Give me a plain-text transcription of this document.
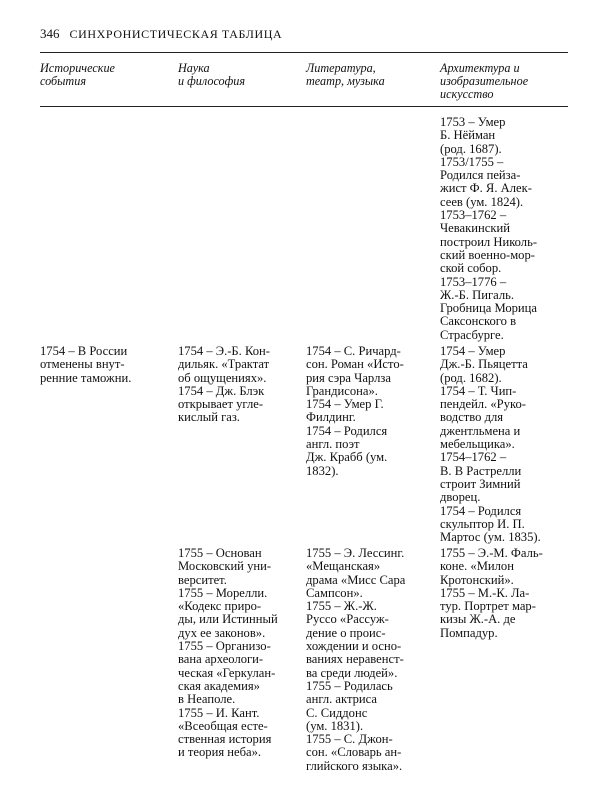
346 СИНХРОНИСТИЧЕСКАЯ ТАБЛИЦА
Исторические
события
Наука
и философия
Литература,
театр, музыка
Архитектура и
изобразительное
искусство
1753 – Умер
Б. Нёйман
(род. 1687).
1753/1755 –
Родился пейза-
жист Ф. Я. Алек-
сеев (ум. 1824).
1753–1762 –
Чевакинский
построил Николь-
ский военно-мор-
ской собор.
1753–1776 –
Ж.-Б. Пигаль.
Гробница Морица
Саксонского в
Страсбурге.
1754 – В России
отменены внут-
ренние таможни.
1754 – Э.-Б. Кон-
дильяк. «Трактат
об ощущениях».
1754 – Дж. Блэк
открывает угле-
кислый газ.
1754 – С. Ричард-
сон. Роман «Исто-
рия сэра Чарлза
Грандисона».
1754 – Умер Г.
Филдинг.
1754 – Родился
англ. поэт
Дж. Крабб (ум.
1832).
1754 – Умер
Дж.-Б. Пьяцетта
(род. 1682).
1754 – Т. Чип-
пендейл. «Руко-
водство для
джентльмена и
мебельщика».
1754–1762 –
В. В Растрелли
строит Зимний
дворец.
1754 – Родился
скульптор И. П.
Мартос (ум. 1835).
1755 – Основан
Московский уни-
верситет.
1755 – Морелли.
«Кодекс приро-
ды, или Истинный
дух ее законов».
1755 – Организо-
вана археологи-
ческая «Геркулан-
ская академия»
в Неаполе.
1755 – И. Кант.
«Всеобщая есте-
ственная история
и теория неба».
1755 – Э. Лессинг.
«Мещанская»
драма «Мисс Сара
Сампсон».
1755 – Ж.-Ж.
Руссо «Рассуж-
дение о проис-
хождении и осно-
ваниях неравенст-
ва среди людей».
1755 – Родилась
англ. актриса
С. Сиддонс
(ум. 1831).
1755 – С. Джон-
сон. «Словарь ан-
глийского языка».
1755 – Э.-М. Фаль-
коне. «Милон
Кротонский».
1755 – М.-К. Ла-
тур. Портрет мар-
кизы Ж.-А. де
Помпадур.
